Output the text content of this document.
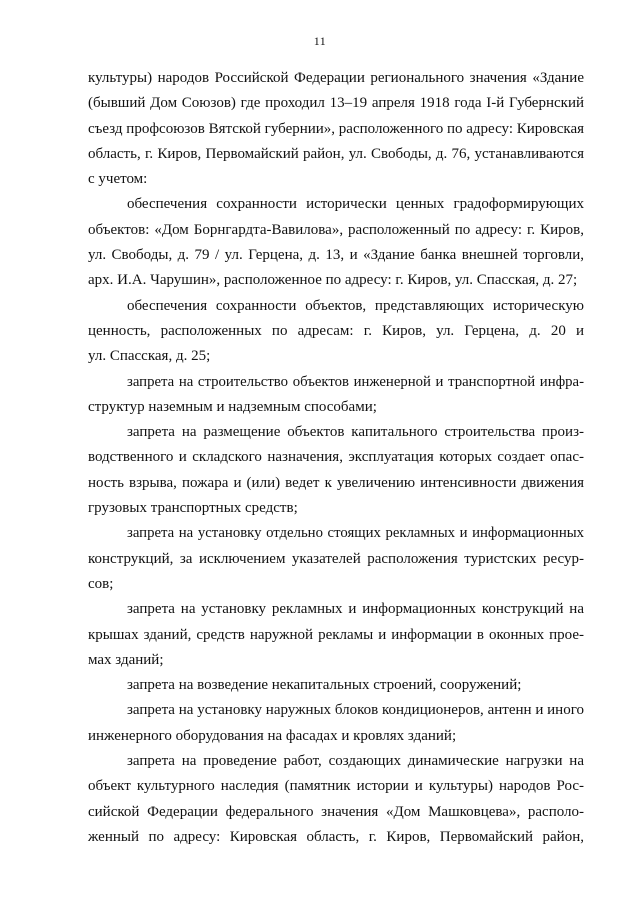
11
культуры) народов Российской Федерации регионального значения «Здание
(бывший Дом Союзов) где проходил 13–19 апреля 1918 года I-й Губернский
съезд профсоюзов Вятской губернии», расположенного по адресу: Кировская
область, г. Киров, Первомайский район, ул. Свободы, д. 76, устанавливаются
с учетом:
обеспечения сохранности исторически ценных градоформирующих
объектов: «Дом Борнгардта-Вавилова», расположенный по адресу: г. Киров,
ул. Свободы, д. 79 / ул. Герцена, д. 13, и «Здание банка внешней торговли,
арх. И.А. Чарушин», расположенное по адресу: г. Киров, ул. Спасская, д. 27;
обеспечения сохранности объектов, представляющих историческую
ценность, расположенных по адресам: г. Киров, ул. Герцена, д. 20 и
ул. Спасская, д. 25;
запрета на строительство объектов инженерной и транспортной инфра-
структур наземным и надземным способами;
запрета на размещение объектов капитального строительства произ-
водственного и складского назначения, эксплуатация которых создает опас-
ность взрыва, пожара и (или) ведет к увеличению интенсивности движения
грузовых транспортных средств;
запрета на установку отдельно стоящих рекламных и информационных
конструкций, за исключением указателей расположения туристских ресур-
сов;
запрета на установку рекламных и информационных конструкций на
крышах зданий, средств наружной рекламы и информации в оконных прое-
мах зданий;
запрета на возведение некапитальных строений, сооружений;
запрета на установку наружных блоков кондиционеров, антенн и иного
инженерного оборудования на фасадах и кровлях зданий;
запрета на проведение работ, создающих динамические нагрузки на
объект культурного наследия (памятник истории и культуры) народов Рос-
сийской Федерации федерального значения «Дом Машковцева», располо-
женный по адресу: Кировская область, г. Киров, Первомайский район,
